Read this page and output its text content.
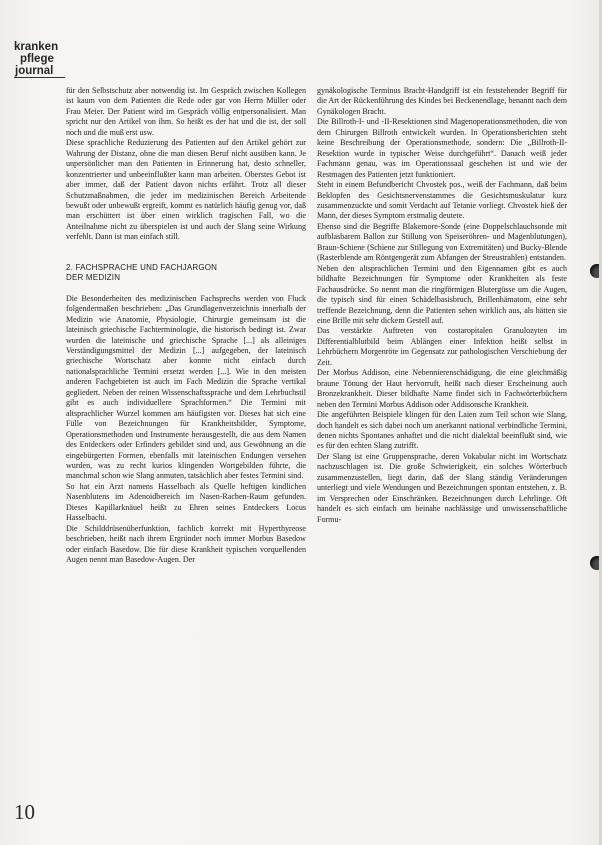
kranken
pflege
journal

für den Selbstschutz aber notwendig ist. Im Gespräch zwischen Kollegen ist kaum von dem Patienten die Rede oder gar von Herrn Müller oder Frau Meier. Der Patient wird im Gespräch völlig entpersonalisiert. Man spricht nur den Artikel von ihm. So heißt es der hat und die ist, der soll noch und die muß erst usw.

Diese sprachliche Reduzierung des Patienten auf den Artikel gehört zur Wahrung der Distanz, ohne die man diesen Beruf nicht ausüben kann. Je unpersönlicher man den Patienten in Erinnerung hat, desto schneller, konzentrierter und unbeeinflußter kann man arbeiten. Oberstes Gebot ist aber immer, daß der Patient davon nichts erfährt. Trotz all dieser Schutzmaßnahmen, die jeder im medizinischen Bereich Arbeitende bewußt oder unbewußt ergreift, kommt es natürlich häufig genug vor, daß man erschüttert ist über einen wirklich tragischen Fall, wo die Anteilnahme nicht zu überspielen ist und auch der Slang seine Wirkung verfehlt. Dann ist man einfach still.

2. FACHSPRACHE UND FACHJARGON

DER MEDIZIN

Die Besonderheiten des medizinischen Fachsprechs werden von Fluck folgendermaßen beschrieben: „Das Grundlagenverzeichnis innerhalb der Medizin wie Anatomie, Physiologie, Chirurgie gemeinsam ist die lateinisch griechische Fachterminologie, die historisch bedingt ist. Zwar wurden die lateinische und griechische Sprache [...] als alleiniges Verständigungsmittel der Medizin [...] aufgegeben, der lateinisch griechische Wortschatz aber konnte nicht einfach durch nationalsprachliche Termini ersetzt werden [...]. Wie in den meisten anderen Fachgebieten ist auch im Fach Medizin die Sprache vertikal gegliedert. Neben der reinen Wissenschaftssprache und dem Lehrbuchstil gibt es auch individuellere Sprachformen.“ Die Termini mit altsprachlicher Wurzel kommen am häufigsten vor. Dieses hat sich eine Fülle von Bezeichnungen für Krankheitsbilder, Symptome, Operationsmethoden und Instrumente herausgestellt, die aus dem Namen des Entdeckers oder Erfinders gebildet sind und, aus Gewöhnung an die eingebürgerten Formen, ebenfalls mit lateinischen Endungen versehen wurden, was zu recht kurios klingenden Wortgebilden führte, die manchmal schon wie Slang anmuten, tatsächlich aber festes Termini sind.

So hat ein Arzt namens Hasselbach als Quelle heftigen kindlichen Nasenblutens im Adenoidbereich im Nasen-Rachen-Raum gefunden. Dieses Kapillarknäuel heißt zu Ehren seines Entdeckers Locus Hasselbachi.

Die Schilddrüsenüberfunktion, fachlich korrekt mit Hyperthyreose beschrieben, heißt nach ihrem Ergründer noch immer Morbus Basedow oder einfach Basedow. Die für diese Krankheit typischen vorquellenden Augen nennt man Basedow-Augen. Der

gynäkologische Terminus Bracht-Handgriff ist ein feststehender Begriff für die Art der Rückenführung des Kindes bei Beckenendlage, benannt nach dem Gynäkologen Bracht.

Die Billroth-I- und -II-Resektionen sind Magenoperationsmethoden, die von dem Chirurgen Billroth entwickelt wurden. In Operationsberichten steht keine Beschreibung der Operationsmethode, sondern: Die „Billroth-II-Resektion wurde in typischer Weise durchgeführt“. Danach weiß jeder Fachmann genau, was im Operationssaal geschehen ist und wie der Restmagen des Patienten jetzt funktioniert.

Steht in einem Befundbericht Chvostek pos., weiß der Fachmann, daß beim Beklopfen des Gesichtsnervenstammes die Gesichtsmuskulatur kurz zusammenzuckte und somit Verdacht auf Tetanie vorliegt. Chvostek hieß der Mann, der dieses Symptom erstmalig deutete.

Ebenso sind die Begriffe Blakemore-Sonde (eine Doppelschlauchsonde mit aufblasbarem Ballon zur Stillung von Speiseröhren- und Magenblutungen), Braun-Schiene (Schiene zur Stillegung von Extremitäten) und Bucky-Blende (Rasterblende am Röntgengerät zum Abfangen der Streustrahlen) entstanden.

Neben den altsprachlichen Termini und den Eigennamen gibt es auch bildhafte Bezeichnungen für Symptome oder Krankheiten als feste Fachausdrücke. So nennt man die ringförmigen Blutergüsse um die Augen, die typisch sind für einen Schädelbasisbruch, Brillenhämatom, eine sehr treffende Bezeichnung, denn die Patienten sehen wirklich aus, als hätten sie eine Brille mit sehr dickem Gestell auf.

Das verstärkte Auftreten von costaropitalen Granulozyten im Differentialblutbild beim Ablängen einer Infektion heißt selbst in Lehrbüchern Morgenröte im Gegensatz zur pathologischen Verschiebung der Zeit.

Der Morbus Addison, eine Nebennierenschädigung, die eine gleichmäßig braune Tönung der Haut hervorruft, heißt nach dieser Erscheinung auch Bronzekrankheit. Dieser bildhafte Name findet sich in Fachwörterbüchern neben den Termini Morbus Addison oder Addisonsche Krankheit.

Die angeführten Beispiele klingen für den Laien zum Teil schon wie Slang, doch handelt es sich dabei noch um anerkannt national verbindliche Termini, denen nichts Spontanes anhaftet und die nicht dialektal beeinflußt sind, wie es für den echten Slang zutrifft.

Der Slang ist eine Gruppensprache, deren Vokabular nicht im Wortschatz nachzuschlagen ist. Die große Schwierigkeit, ein solches Wörterbuch zusammenzustellen, liegt darin, daß der Slang ständig Veränderungen unterliegt und viele Wendungen und Bezeichnungen spontan entstehen, z. B. im Versprechen oder Einschränken. Bezeichnungen durch Lehrlinge. Oft handelt es sich einfach um beinahe nachlässige und unwissenschaftliche Formu-

10
